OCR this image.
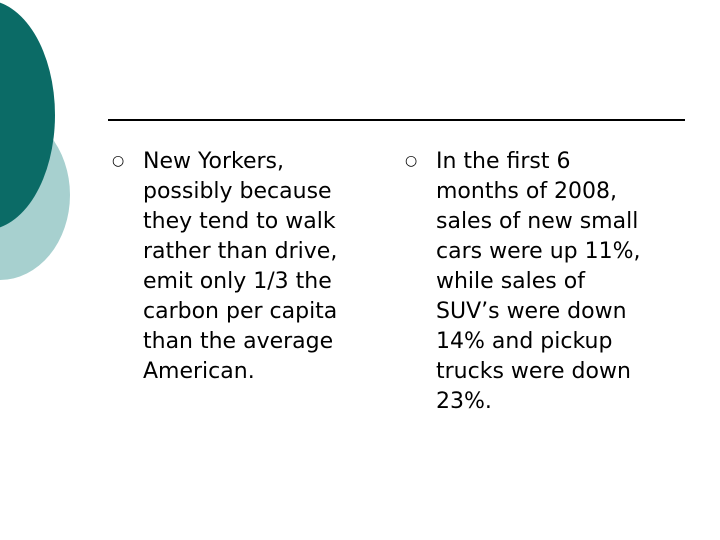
○ New Yorkers,
possibly because
they tend to walk
rather than drive,
emit only 1/3 the
carbon per capita
than the average
American.

○ In the first 6
months of 2008,
sales of new small
cars were up 11%,
while sales of
SUV’s were down
14% and pickup
trucks were down
23%.
